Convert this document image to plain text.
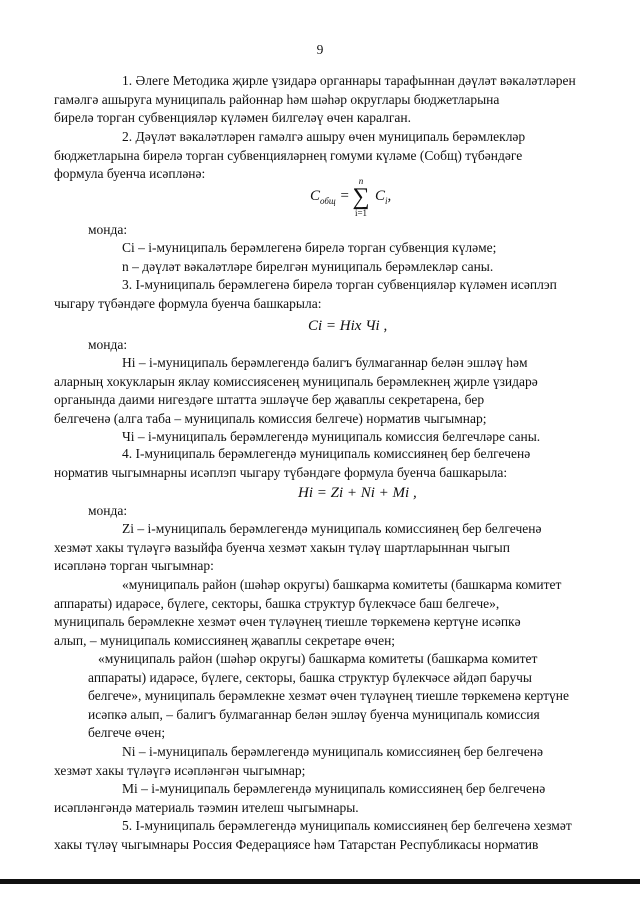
9
1. Әлеге Методика җирле үзидарә органнары тарафыннан дәүләт вәкаләтләрен
гамәлгә ашыруга муниципаль районнар һәм шәһәр округлары бюджетларына
бирелә торган субвенцияләр күләмен билгеләү өчен каралган.
2. Дәүләт вәкаләтләрен гамәлгә ашыру өчен муниципаль берәмлекләр
бюджетларына бирелә торган субвенцияләрнең гомуми күләме (Cобщ) түбәндәге
формула буенча исәпләнә:
$C_{общ}$ =
n
∑
i=1
$C_i$,
монда:
Ci – i-муниципаль берәмлегенә бирелә торган субвенция күләме;
n – дәүләт вәкаләтләре бирелгән муниципаль берәмлекләр саны.
3. I-муниципаль берәмлегенә бирелә торган субвенцияләр күләмен исәплэп
чыгару түбәндәге формула буенча башкарыла:
Ci = Hiх Чi ,
монда:
Hi – i-муниципаль берәмлегендә балигъ булмаганнар белән эшләү һәм
аларның хокукларын яклау комиссиясенең муниципаль берәмлекнең җирле үзидарә
органында даими нигездәге штатта эшләүче бер җаваплы секретарена, бер
белгеченә (алга таба – муниципаль комиссия белгече) норматив чыгымнар;
Чi – i-муниципаль берәмлегендә муниципаль комиссия белгечләре саны.
4. I-муниципаль берәмлегендә муниципаль комиссиянең бер белгеченә
норматив чыгымнарны исәплэп чыгару түбәндәге формула буенча башкарыла:
Hi = Zi + Ni + Mi ,
монда:
Zi – i-муниципаль берәмлегендә муниципаль комиссиянең бер белгеченә
хезмәт хакы түләүгә вазыйфа буенча хезмәт хакын түләү шартларыннан чыгып
исәпләнә торган чыгымнар:
«муниципаль район (шәһәр округы) башкарма комитеты (башкарма комитет
аппараты) идарәсе, бүлеге, секторы, башка структур бүлекчәсе баш белгече»,
муниципаль берәмлекне хезмәт өчен түләүнең тиешле төркеменә кертүне исәпкә
алып, – муниципаль комиссиянең җаваплы секретаре өчен;
«муниципаль район (шәһәр округы) башкарма комитеты (башкарма комитет
аппараты) идарәсе, бүлеге, секторы, башка структур бүлекчәсе әйдәп баручы
белгече», муниципаль берәмлекне хезмәт өчен түләүнең тиешле төркеменә кертүне
исәпкә алып, – балигъ булмаганнар белән эшләү буенча муниципаль комиссия
белгече өчен;
Ni – i-муниципаль берәмлегендә муниципаль комиссиянең бер белгеченә
хезмәт хакы түләүгә исәпләнгән чыгымнар;
Mi – i-муниципаль берәмлегендә муниципаль комиссиянең бер белгеченә
исәпләнгәндә материаль тәэмин ителеш чыгымнары.
5. I-муниципаль берәмлегендә муниципаль комиссиянең бер белгеченә хезмәт
хакы түләү чыгымнары Россия Федерациясе һәм Татарстан Республикасы норматив
